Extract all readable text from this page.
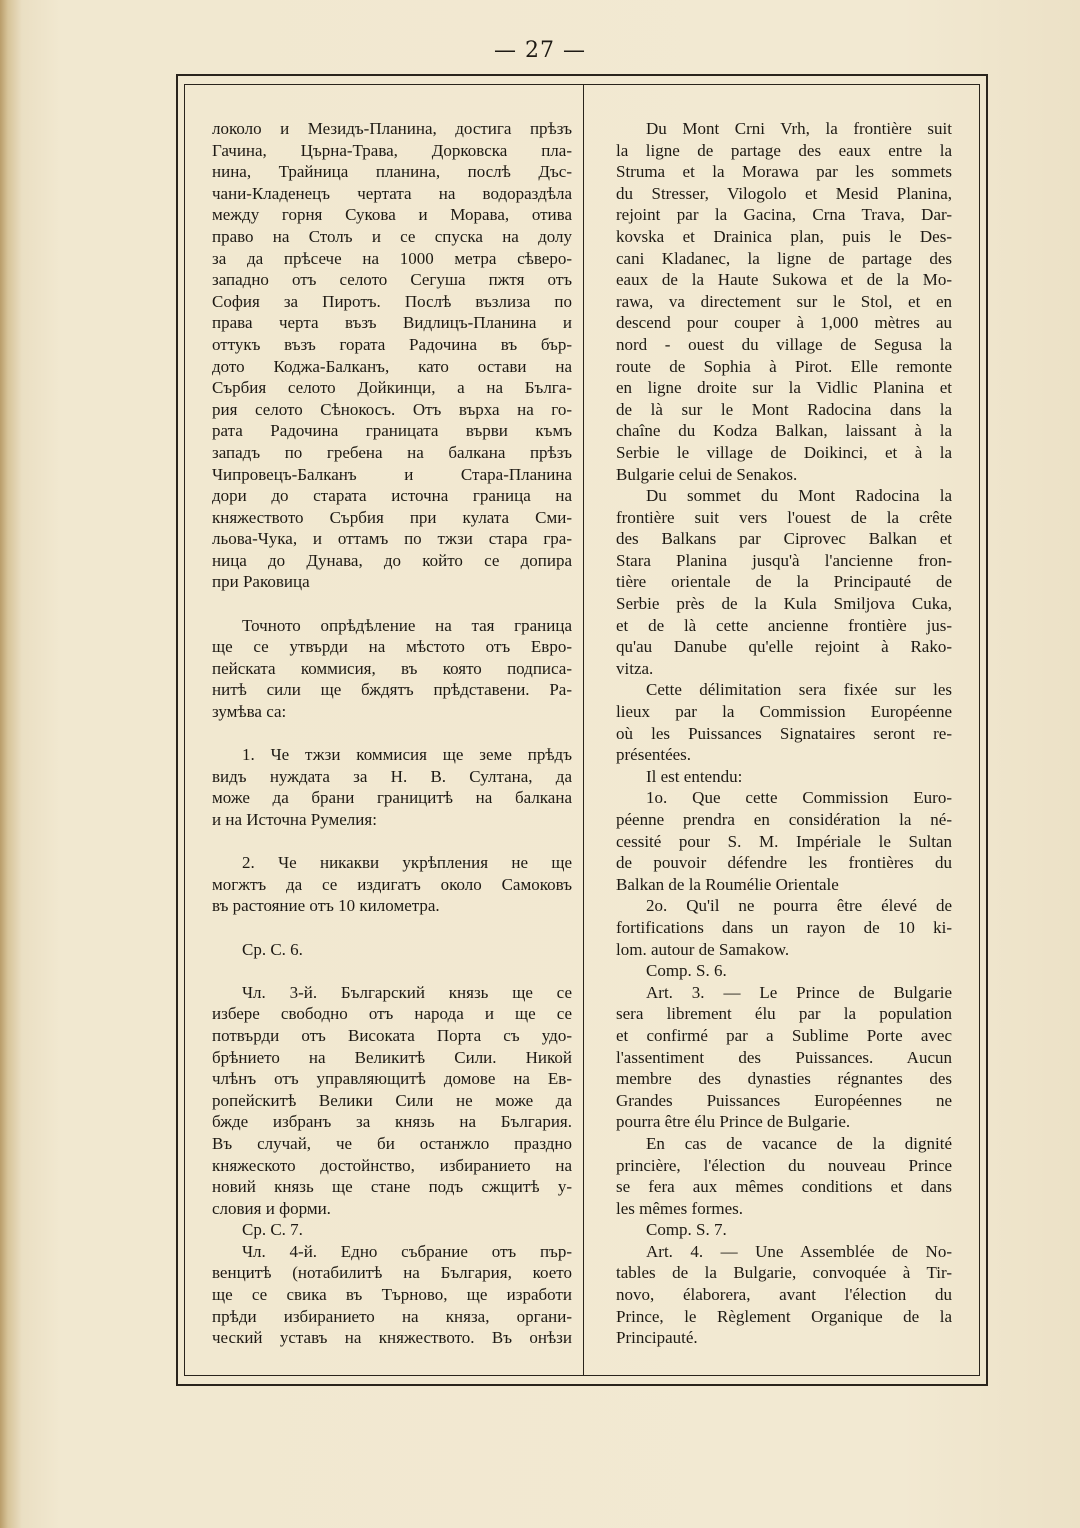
— 27 —
локоло и Мезидъ-Планина, достига прѣзъ
Гачина, Църна-Трава, Дорковска пла-
нина, Трайница планина, послѣ Дъс-
чани-Кладенецъ чертата на водораздѣла
между горня Сукова и Морава, отива
право на Столъ и се спуска на долу
за да прѣсече на 1000 метра сѣверо-
западно отъ селото Сегуша пжтя отъ
София за Пиротъ. Послѣ възлиза по
права черта възъ Видлицъ-Планина и
оттукъ възъ гората Радочина въ бър-
дото Коджа-Балканъ, като остави на
Сърбия селото Дойкинци, а на Бълга-
рия селото Сѣнокосъ. Отъ върха на го-
рата Радочина границата върви къмъ
западъ по гребена на балкана прѣзъ
Чипровецъ-Балканъ и Стара-Планина
дори до старата источна граница на
княжеството Сърбия при кулата Сми-
льова-Чука, и оттамъ по тжзи стара гра-
ница до Дунава, до който се допира
при Раковица
Точното опрѣдѣление на тая граница
ще се утвърди на мѣстото отъ Евро-
пейската коммисия, въ която подписа-
нитѣ сили ще бждятъ прѣдставени. Ра-
зумѣва са:
1. Че тжзи коммисия ще земе прѣдъ
видъ нуждата за Н. В. Султана, да
може да брани границитѣ на балкана
и на Источна Румелия:
2. Че никакви укрѣпления не ще
могжтъ да се издигатъ около Самоковъ
въ растояние отъ 10 километра.
Ср. С. 6.
Чл. 3-й. Българский князь ще се
избере свободно отъ народа и ще се
потвърди отъ Високата Порта съ удо-
брѣнието на Великитѣ Сили. Никой
члѣнъ отъ управляющитѣ домове на Ев-
ропейскитѣ Велики Сили не може да
бжде избранъ за князь на България.
Въ случай, че би останжло праздно
княжеското достойнство, избиранието на
новий князь ще стане подъ сжщитѣ у-
словия и форми.
Ср. С. 7.
Чл. 4-й. Едно събрание отъ пър-
венцитѣ (нотабилитѣ на България, което
ще се свика въ Търново, ще изработи
прѣди избиранието на княза, органи-
ческий уставъ на княжеството. Въ онѣзи
Du Mont Crni Vrh, la frontière suit
la ligne de partage des eaux entre la
Struma et la Morawa par les sommets
du Stresser, Vilogolo et Mesid Planina,
rejoint par la Gacina, Crna Trava, Dar-
kovska et Drainica plan, puis le Des-
cani Kladanec, la ligne de partage des
eaux de la Haute Sukowa et de la Mo-
rawa, va directement sur le Stol, et en
descend pour couper à 1,000 mètres au
nord - ouest du village de Segusa la
route de Sophia à Pirot. Elle remonte
en ligne droite sur la Vidlic Planina et
de là sur le Mont Radocina dans la
chaîne du Kodza Balkan, laissant à la
Serbie le village de Doikinci, et à la
Bulgarie celui de Senakos.
Du sommet du Mont Radocina la
frontière suit vers l'ouest de la crête
des Balkans par Ciprovec Balkan et
Stara Planina jusqu'à l'ancienne fron-
tière orientale de la Principauté de
Serbie près de la Kula Smiljova Cuka,
et de là cette ancienne frontière jus-
qu'au Danube qu'elle rejoint à Rako-
vitza.
Cette délimitation sera fixée sur les
lieux par la Commission Européenne
où les Puissances Signataires seront re-
présentées.
Il est entendu:
1o. Que cette Commission Euro-
péenne prendra en considération la né-
cessité pour S. M. Impériale le Sultan
de pouvoir défendre les frontières du
Balkan de la Roumélie Orientale
2o. Qu'il ne pourra être élevé de
fortifications dans un rayon de 10 ki-
lom. autour de Samakow.
Comp. S. 6.
Art. 3. — Le Prince de Bulgarie
sera librement élu par la population
et confirmé par a Sublime Porte avec
l'assentiment des Puissances. Aucun
membre des dynasties régnantes des
Grandes Puissances Européennes ne
pourra être élu Prince de Bulgarie.
En cas de vacance de la dignité
princière, l'élection du nouveau Prince
se fera aux mêmes conditions et dans
les mêmes formes.
Comp. S. 7.
Art. 4. — Une Assemblée de No-
tables de la Bulgarie, convoquée à Tir-
novo, élaborera, avant l'élection du
Prince, le Règlement Organique de la
Principauté.
